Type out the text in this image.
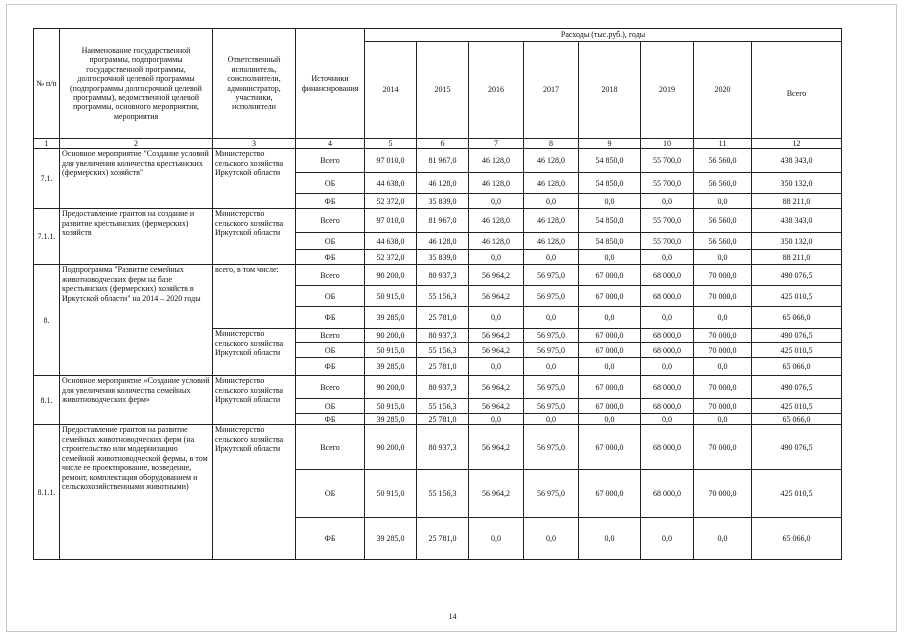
№ п/п	Наименование государственной программы, подпрограммы государственной программы, долгосрочной целевой программы (подпрограммы долгосрочной целевой программы), ведомственной целевой программы, основного мероприятия, мероприятия	Ответственный исполнитель, соисполнители, администратор, участники, исполнители	Источники финансирования	Расходы (тыс.руб.), годы							
				2014	2015	2016	2017	2018	2019	2020	Всего
1	2	3	4	5	6	7	8	9	10	11	12
7.1.	Основное мероприятие "Создание условий для увеличения количества крестьянских (фермерских) хозяйств"	Министерство сельского хозяйства Иркутской области	Всего	97 010,0	81 967,0	46 128,0	46 128,0	54 850,0	55 700,0	56 560,0	438 343,0
			ОБ	44 638,0	46 128,0	46 128,0	46 128,0	54 850,0	55 700,0	56 560,0	350 132,0
			ФБ	52 372,0	35 839,0	0,0	0,0	0,0	0,0	0,0	88 211,0
7.1.1.	Предоставление грантов на создание и развитие крестьянских (фермерских) хозяйств	Министерство сельского хозяйства Иркутской области	Всего	97 010,0	81 967,0	46 128,0	46 128,0	54 850,0	55 700,0	56 560,0	438 343,0
			ОБ	44 638,0	46 128,0	46 128,0	46 128,0	54 850,0	55 700,0	56 560,0	350 132,0
			ФБ	52 372,0	35 839,0	0,0	0,0	0,0	0,0	0,0	88 211,0
8.	Подпрограмма "Развитие семейных животноводческих ферм на базе крестьянских (фермерских) хозяйств в Иркутской области" на 2014 – 2020 годы	всего, в том числе:	Всего	90 200,0	80 937,3	56 964,2	56 975,0	67 000,0	68 000,0	70 000,0	490 076,5
			ОБ	50 915,0	55 156,3	56 964,2	56 975,0	67 000,0	68 000,0	70 000,0	425 010,5
			ФБ	39 285,0	25 781,0	0,0	0,0	0,0	0,0	0,0	65 066,0
		Министерство сельского хозяйства Иркутской области	Всего	90 200,0	80 937,3	56 964,2	56 975,0	67 000,0	68 000,0	70 000,0	490 076,5
			ОБ	50 915,0	55 156,3	56 964,2	56 975,0	67 000,0	68 000,0	70 000,0	425 010,5
			ФБ	39 285,0	25 781,0	0,0	0,0	0,0	0,0	0,0	65 066,0
8.1.	Основное мероприятие «Создание условий для увеличения количества семейных животноводческих ферм»	Министерство сельского хозяйства Иркутской области	Всего	90 200,0	80 937,3	56 964,2	56 975,0	67 000,0	68 000,0	70 000,0	490 076,5
			ОБ	50 915,0	55 156,3	56 964,2	56 975,0	67 000,0	68 000,0	70 000,0	425 010,5
			ФБ	39 285,0	25 781,0	0,0	0,0	0,0	0,0	0,0	65 066,0
8.1.1.	Предоставление грантов на развитие семейных животноводческих ферм (на строительство или модернизацию семейной животноводческой фермы, в том числе ее проектирование, возведение, ремонт, комплектация оборудованием и сельскохозяйственными животными)	Министерство сельского хозяйства Иркутской области	Всего	90 200,0	80 937,3	56 964,2	56 975,0	67 000,0	68 000,0	70 000,0	490 076,5
			ОБ	50 915,0	55 156,3	56 964,2	56 975,0	67 000,0	68 000,0	70 000,0	425 010,5
			ФБ	39 285,0	25 781,0	0,0	0,0	0,0	0,0	0,0	65 066,0
14
